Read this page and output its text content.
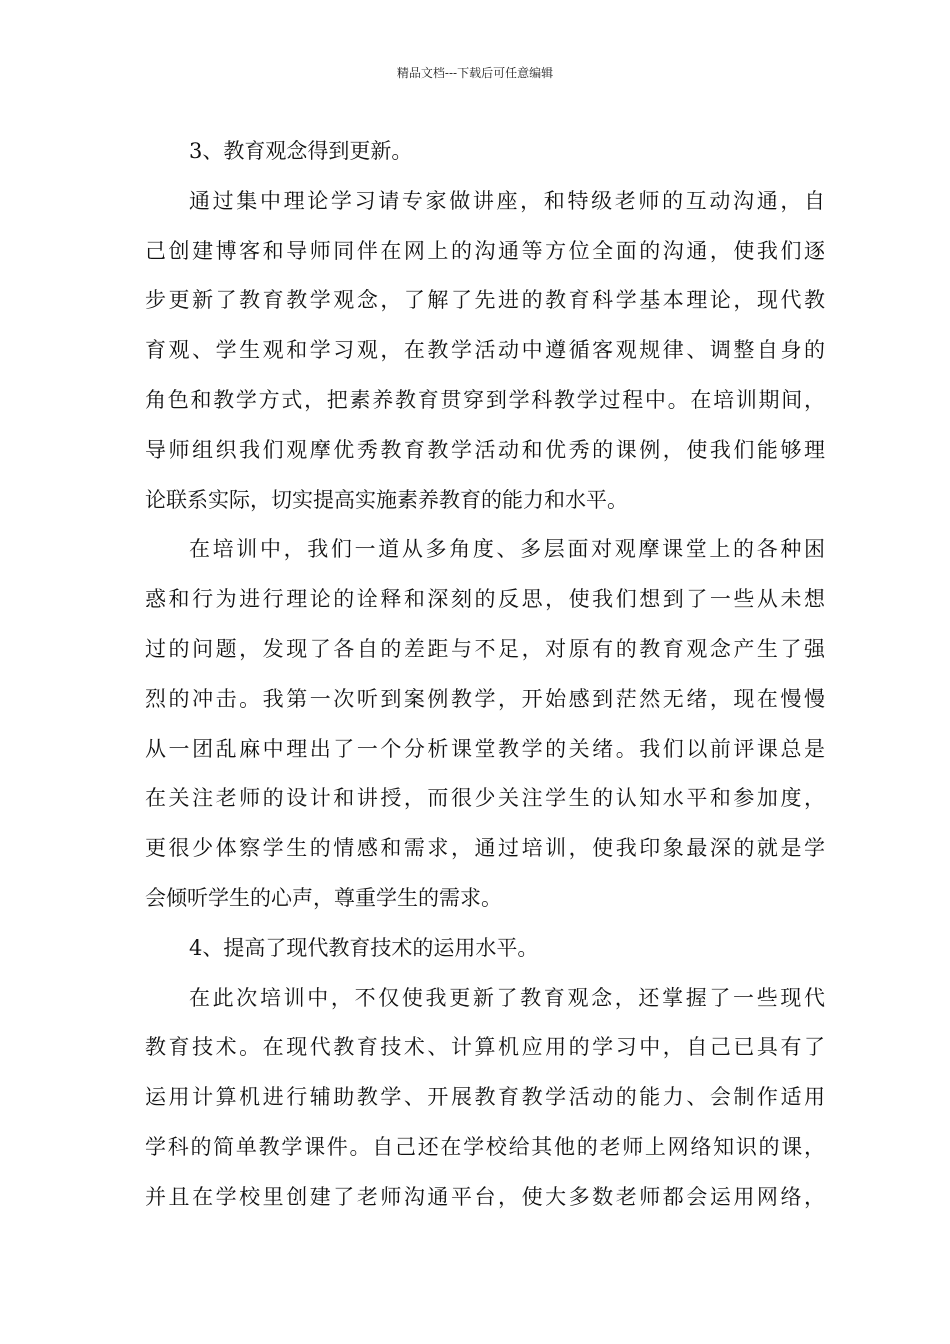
精品文档---下载后可任意编辑
3、教育观念得到更新。
通过集中理论学习请专家做讲座，和特级老师的互动沟通，自
己创建博客和导师同伴在网上的沟通等方位全面的沟通，使我们逐
步更新了教育教学观念，了解了先进的教育科学基本理论，现代教
育观、学生观和学习观，在教学活动中遵循客观规律、调整自身的
角色和教学方式，把素养教育贯穿到学科教学过程中。在培训期间，
导师组织我们观摩优秀教育教学活动和优秀的课例，使我们能够理
论联系实际，切实提高实施素养教育的能力和水平。
在培训中，我们一道从多角度、多层面对观摩课堂上的各种困
惑和行为进行理论的诠释和深刻的反思，使我们想到了一些从未想
过的问题，发现了各自的差距与不足，对原有的教育观念产生了强
烈的冲击。我第一次听到案例教学，开始感到茫然无绪，现在慢慢
从一团乱麻中理出了一个分析课堂教学的关绪。我们以前评课总是
在关注老师的设计和讲授，而很少关注学生的认知水平和参加度，
更很少体察学生的情感和需求，通过培训，使我印象最深的就是学
会倾听学生的心声，尊重学生的需求。
4、提高了现代教育技术的运用水平。
在此次培训中，不仅使我更新了教育观念，还掌握了一些现代
教育技术。在现代教育技术、计算机应用的学习中，自己已具有了
运用计算机进行辅助教学、开展教育教学活动的能力、会制作适用
学科的简单教学课件。自己还在学校给其他的老师上网络知识的课，
并且在学校里创建了老师沟通平台，使大多数老师都会运用网络，
